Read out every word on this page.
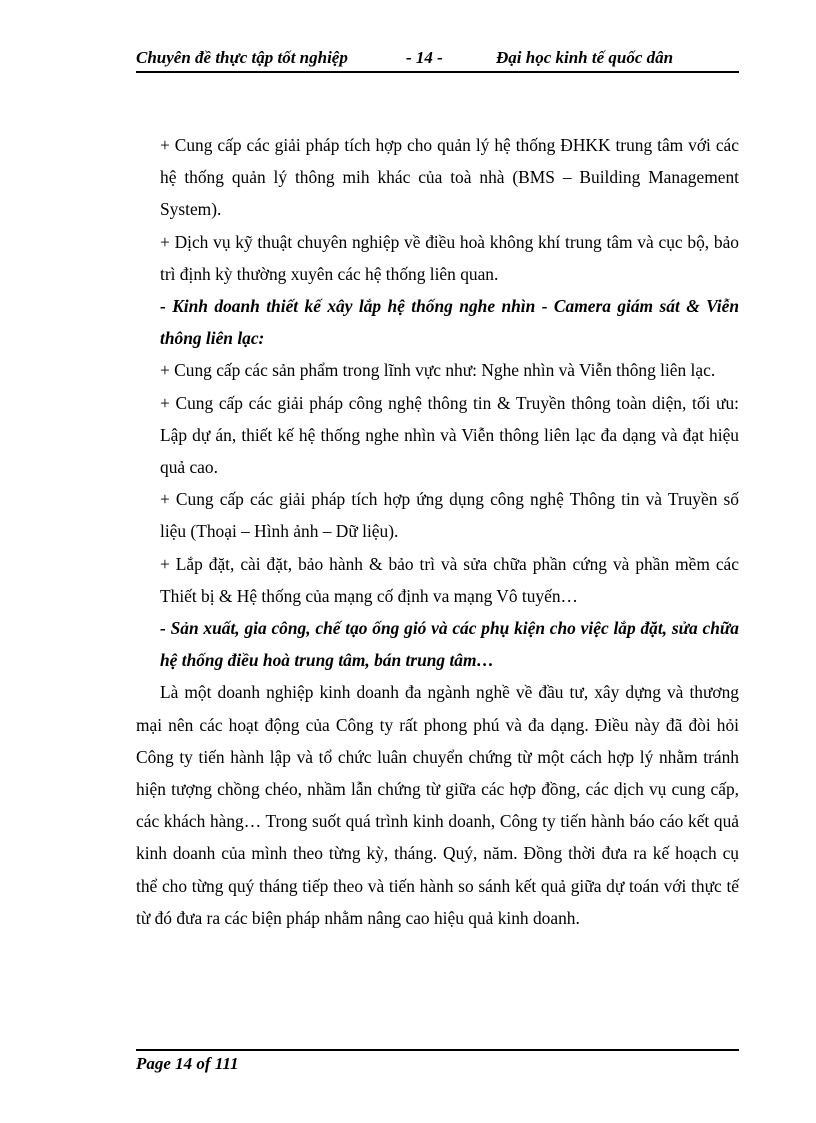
Chuyên đề thực tập tốt nghiệp	- 14 -	Đại học kinh tế quốc dân

+ Cung cấp các giải pháp tích hợp cho quản lý hệ thống ĐHKK trung tâm với các hệ thống quản lý thông mih khác của toà nhà (BMS – Building Management System).

+ Dịch vụ kỹ thuật chuyên nghiệp về điều hoà không khí trung tâm và cục bộ, bảo trì định kỳ thường xuyên các hệ thống liên quan.

- Kinh doanh thiết kế xây lắp hệ thống nghe nhìn - Camera giám sát & Viễn thông liên lạc:

+ Cung cấp các sản phẩm trong lĩnh vực như: Nghe nhìn và Viễn thông liên lạc.

+ Cung cấp các giải pháp công nghệ thông tin & Truyền thông toàn diện, tối ưu: Lập dự án, thiết kế hệ thống nghe nhìn và Viễn thông liên lạc đa dạng và đạt hiệu quả cao.

+ Cung cấp các giải pháp tích hợp ứng dụng công nghệ Thông tin và Truyền số liệu (Thoại – Hình ảnh – Dữ liệu).

+ Lắp đặt, cài đặt, bảo hành & bảo trì và sửa chữa phần cứng và phần mềm các Thiết bị & Hệ thống của mạng cố định va mạng Vô tuyến…

- Sản xuất, gia công, chế tạo ống gió và các phụ kiện cho việc lắp đặt, sửa chữa hệ thống điều hoà trung tâm, bán trung tâm…

Là một doanh nghiệp kinh doanh đa ngành nghề về đầu tư, xây dựng và thương mại nên các hoạt động của Công ty rất phong phú và đa dạng. Điều này đã đòi hỏi Công ty tiến hành lập và tổ chức luân chuyển chứng từ một cách hợp lý nhằm tránh hiện tượng chồng chéo, nhầm lẫn chứng từ giữa các hợp đồng, các dịch vụ cung cấp, các khách hàng… Trong suốt quá trình kinh doanh, Công ty tiến hành báo cáo kết quả kinh doanh của mình theo từng kỳ, tháng. Quý, năm. Đồng thời đưa ra kế hoạch cụ thể cho từng quý tháng tiếp theo và tiến hành so sánh kết quả giữa dự toán với thực tế từ đó đưa ra các biện pháp nhằm nâng cao hiệu quả kinh doanh.

Page 14 of 111
